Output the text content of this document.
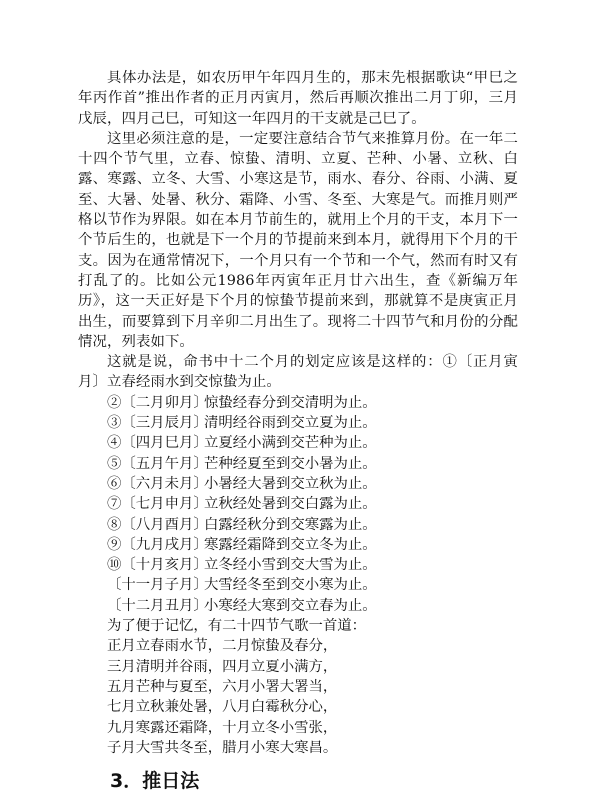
具体办法是，如农历甲午年四月生的，那末先根据歌诀“甲巳之年丙作首”推出作者的正月丙寅月，然后再顺次推出二月丁卯，三月戊辰，四月己巳，可知这一年四月的干支就是己巳了。

这里必须注意的是，一定要注意结合节气来推算月份。在一年二十四个节气里，立春、惊蛰、清明、立夏、芒种、小暑、立秋、白露、寒露、立冬、大雪、小寒这是节，雨水、春分、谷雨、小满、夏至、大暑、处暑、秋分、霜降、小雪、冬至、大寒是气。而推月则严格以节作为界限。如在本月节前生的，就用上个月的干支，本月下一个节后生的，也就是下一个月的节提前来到本月，就得用下个月的干支。因为在通常情况下，一个月只有一个节和一个气，然而有时又有打乱了的。比如公元1986年丙寅年正月廿六出生，查《新编万年历》，这一天正好是下个月的惊蛰节提前来到，那就算不是庚寅正月出生，而要算到下月辛卯二月出生了。现将二十四节气和月份的分配情况，列表如下。

这就是说，命书中十二个月的划定应该是这样的：①〔正月寅月〕立春经雨水到交惊蛰为止。

②〔二月卯月〕惊蛰经春分到交清明为止。

③〔三月辰月〕清明经谷雨到交立夏为止。

④〔四月巳月〕立夏经小满到交芒种为止。

⑤〔五月午月〕芒种经夏至到交小暑为止。

⑥〔六月未月〕小暑经大暑到交立秋为止。

⑦〔七月申月〕立秋经处暑到交白露为止。

⑧〔八月酉月〕白露经秋分到交寒露为止。

⑨〔九月戌月〕寒露经霜降到交立冬为止。

⑩〔十月亥月〕立冬经小雪到交大雪为止。

〔十一月子月〕大雪经冬至到交小寒为止。

〔十二月丑月〕小寒经大寒到交立春为止。

为了便于记忆，有二十四节气歌一首道：

正月立春雨水节，二月惊蛰及春分，

三月清明并谷雨，四月立夏小满方，

五月芒种与夏至，六月小署大署当，

七月立秋兼处暑，八月白霉秋分心，

九月寒露还霜降，十月立冬小雪张，

子月大雪共冬至，腊月小寒大寒昌。

3．推日法
